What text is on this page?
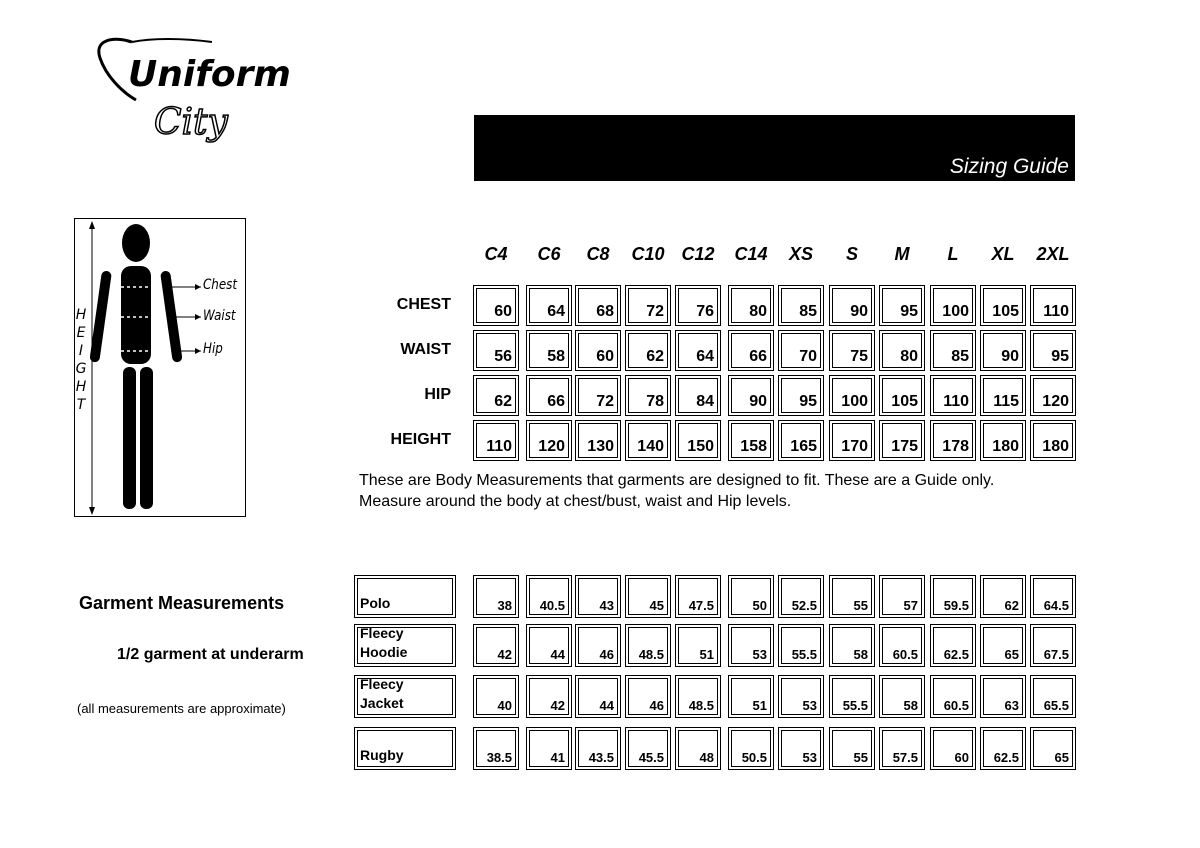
Uniform
City
Sizing Guide
Chest
Waist
Hip
H
E
I
G
H
T
C4	C6	C8	C10 C12	C14	XS	S	M	L	XL	2XL
CHEST	60 64 68 72 76 80 85 90 95 100 105 110
WAIST	56 58 60 62 64 66 70 75 80 85 90 95
HIP	62 66 72 78 84 90 95 100 105 110 115 120
HEIGHT 110 120 130 140 150 158 165 170 175 178 180 180
These are Body Measurements that garments are designed to fit. These are a Guide only.
Measure around the body at chest/bust, waist and Hip levels.
Garment Measurements
1/2 garment at underarm
(all measurements are approximate)
Polo	38 40.5	43	45 47.5	50 52.5	55	57 59.5	62 64.5
Fleecy
Hoodie	42	44	46 48.5	51	53 55.5	58 60.5 62.5	65 67.5
Fleecy
Jacket	40	42	44	46 48.5	51	53 55.5	58 60.5	63 65.5
Rugby	38.5	41 43.5 45.5	48 50.5	53	55 57.5	60 62.5	65
